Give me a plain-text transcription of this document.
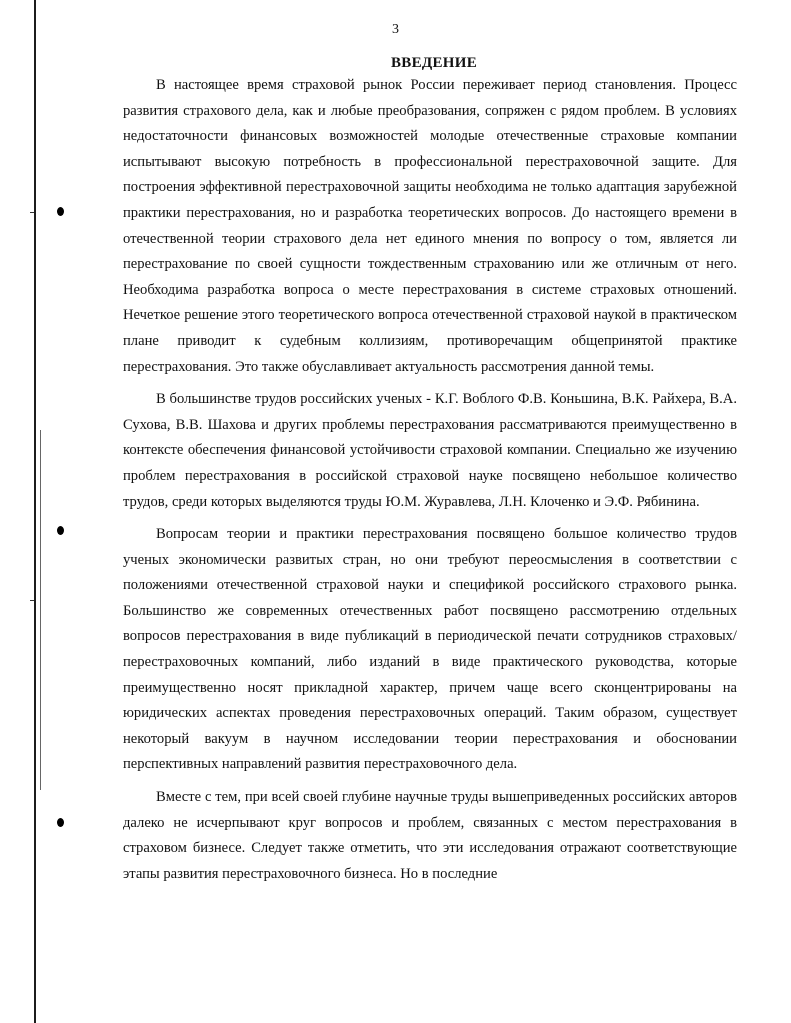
3
ВВЕДЕНИЕ

В настоящее время страховой рынок России переживает период становления. Процесс развития страхового дела, как и любые преобразования, сопряжен с рядом проблем. В условиях недостаточности финансовых возможностей молодые отечественные страховые компании испытывают высокую потребность в профессиональной перестраховочной защите. Для построения эффективной перестраховочной защиты необходима не только адаптация зарубежной практики перестрахования, но и разработка теоретических вопросов. До настоящего времени в отечественной теории страхового дела нет единого мнения по вопросу о том, является ли перестрахование по своей сущности тождественным страхованию или же отличным от него. Необходима разработка вопроса о месте перестрахования в системе страховых отношений. Нечеткое решение этого теоретического вопроса отечественной страховой наукой в практическом плане приводит к судебным коллизиям, противоречащим общепринятой практике перестрахования. Это также обуславливает актуальность рассмотрения данной темы.

В большинстве трудов российских ученых - К.Г. Воблого Ф.В. Коньшина, В.К. Райхера, В.А. Сухова, В.В. Шахова и других проблемы перестрахования рассматриваются преимущественно в контексте обеспечения финансовой устойчивости страховой компании. Специально же изучению проблем перестрахования в российской страховой науке посвящено небольшое количество трудов, среди которых выделяются труды Ю.М. Журавлева, Л.Н. Клоченко и Э.Ф. Рябинина.

Вопросам теории и практики перестрахования посвящено большое количество трудов ученых экономически развитых стран, но они требуют переосмысления в соответствии с положениями отечественной страховой науки и спецификой российского страхового рынка. Большинство же современных отечественных работ посвящено рассмотрению отдельных вопросов перестрахования в виде публикаций в периодической печати сотрудников страховых/перестраховочных компаний, либо изданий в виде практического руководства, которые преимущественно носят прикладной характер, причем чаще всего сконцентрированы на юридических аспектах проведения перестраховочных операций. Таким образом, существует некоторый вакуум в научном исследовании теории перестрахования и обосновании перспективных направлений развития перестраховочного дела.

Вместе с тем, при всей своей глубине научные труды вышеприведенных российских авторов далеко не исчерпывают круг вопросов и проблем, связанных с местом перестрахования в страховом бизнесе. Следует также отметить, что эти исследования отражают соответствующие этапы развития перестраховочного бизнеса. Но в последние
